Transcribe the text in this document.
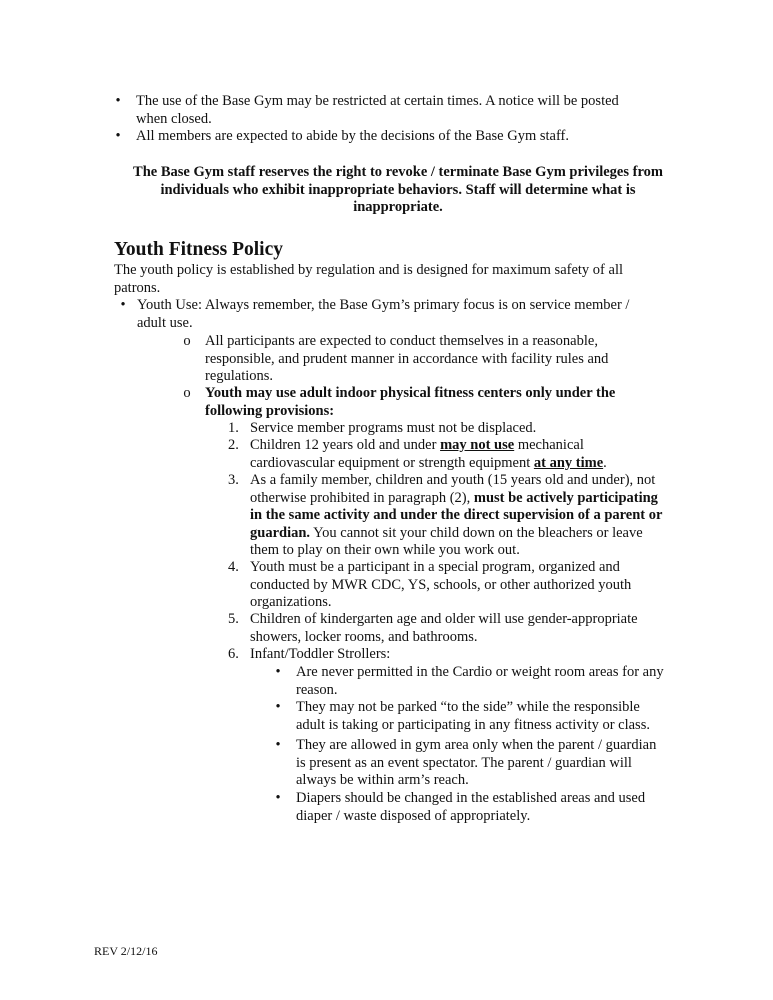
• The use of the Base Gym may be restricted at certain times. A notice will be posted
when closed.
• All members are expected to abide by the decisions of the Base Gym staff.
The Base Gym staff reserves the right to revoke / terminate Base Gym privileges from
individuals who exhibit inappropriate behaviors. Staff will determine what is
inappropriate.
Youth Fitness Policy
The youth policy is established by regulation and is designed for maximum safety of all
patrons.
• Youth Use: Always remember, the Base Gym’s primary focus is on service member /
adult use.
o All participants are expected to conduct themselves in a reasonable,
responsible, and prudent manner in accordance with facility rules and
regulations.
o Youth may use adult indoor physical fitness centers only under the
following provisions:
1. Service member programs must not be displaced.
2. Children 12 years old and under may not use mechanical
cardiovascular equipment or strength equipment at any time.
3. As a family member, children and youth (15 years old and under), not
otherwise prohibited in paragraph (2), must be actively participating
in the same activity and under the direct supervision of a parent or
guardian. You cannot sit your child down on the bleachers or leave
them to play on their own while you work out.
4. Youth must be a participant in a special program, organized and
conducted by MWR CDC, YS, schools, or other authorized youth
organizations.
5. Children of kindergarten age and older will use gender-appropriate
showers, locker rooms, and bathrooms.
6. Infant/Toddler Strollers:
• Are never permitted in the Cardio or weight room areas for any
reason.
• They may not be parked “to the side” while the responsible
adult is taking or participating in any fitness activity or class.
• They are allowed in gym area only when the parent / guardian
is present as an event spectator. The parent / guardian will
always be within arm’s reach.
• Diapers should be changed in the established areas and used
diaper / waste disposed of appropriately.
REV 2/12/16
